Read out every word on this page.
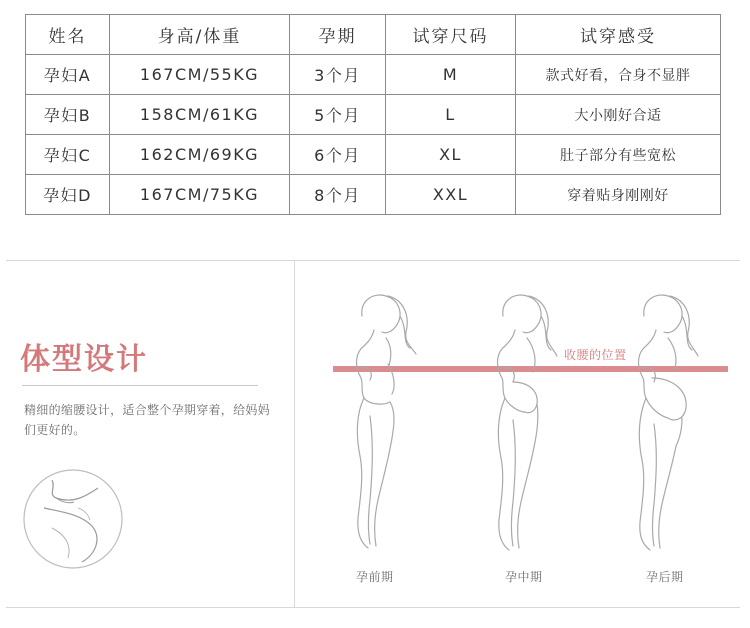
姓名	身高/体重	孕期	试穿尺码	试穿感受
孕妇A	167CM/55KG	3个月	M	款式好看，合身不显胖
孕妇B	158CM/61KG	5个月	L	大小刚好合适
孕妇C	162CM/69KG	6个月	XL	肚子部分有些宽松
孕妇D	167CM/75KG	8个月	XXL	穿着贴身刚刚好
体型设计
精细的缩腰设计，适合整个孕期穿着，给妈妈们更好的。
收腰的位置
孕前期	孕中期	孕后期
